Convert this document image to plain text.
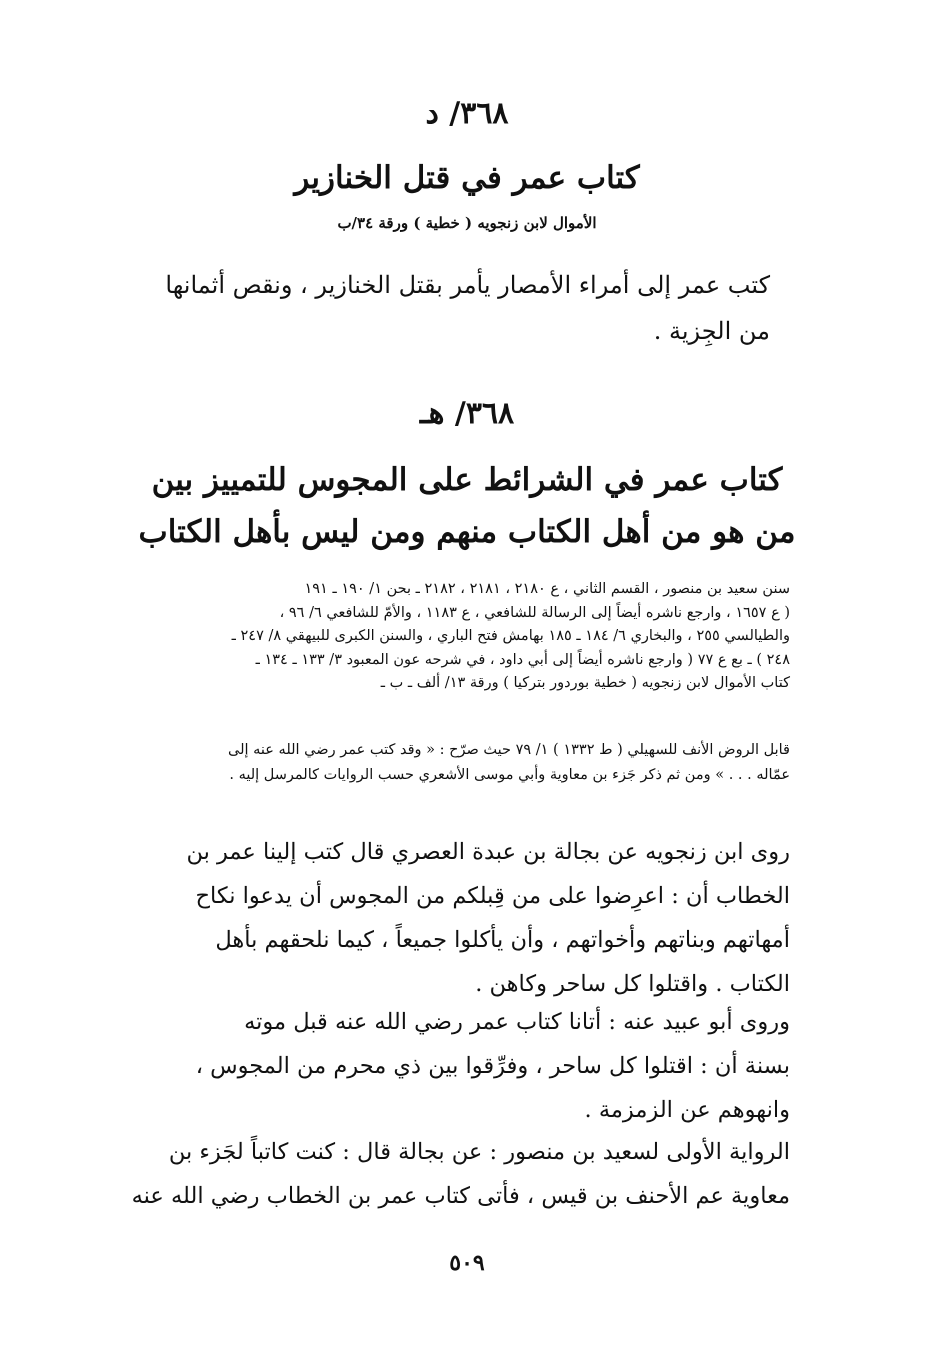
٣٦٨/ د
كتاب عمر في قتل الخنازير
الأموال لابن زنجويه ( خطية ) ورقة ٣٤/ب
كتب عمر إلى أمراء الأمصار يأمر بقتل الخنازير ، ونقص أثمانها
من الجِزية .
٣٦٨/ هـ
كتاب عمر في الشرائط على المجوس للتمييز بين
من هو من أهل الكتاب منهم ومن ليس بأهل الكتاب
سنن سعيد بن منصور ، القسم الثاني ، ع ٢١٨٠ ، ٢١٨١ ، ٢١٨٢ ـ بحن ١/ ١٩٠ ـ ١٩١
( ع ١٦٥٧ ، وارجع ناشره أيضاً إلى الرسالة للشافعي ، ع ١١٨٣ ، والأمّ للشافعي ٦/ ٩٦ ،
والطيالسي ٢٥٥ ، والبخاري ٦/ ١٨٤ ـ ١٨٥ بهامش فتح الباري ، والسنن الكبرى للبيهقي ٨/ ٢٤٧ ـ
٢٤٨ ) ـ بع ع ٧٧ ( وارجع ناشره أيضاً إلى أبي داود ، في شرحه عون المعبود ٣/ ١٣٣ ـ ١٣٤ ـ
كتاب الأموال لابن زنجويه ( خطية بوردور بتركيا ) ورقة ١٣/ ألف ـ ب ـ
قابل الروض الأنف للسهيلي ( ط ١٣٣٢ ) ١/ ٧٩ حيث صرّح : « وقد كتب عمر رضي الله عنه إلى
عمّاله . . . » ومن ثم ذكر جَزء بن معاوية وأبي موسى الأشعري حسب الروايات كالمرسل إليه .
روى ابن زنجويه عن بجالة بن عبدة العصري قال كتب إلينا عمر بن
الخطاب أن : اعرِضوا على من قِبلكم من المجوس أن يدعوا نكاح
أمهاتهم وبناتهم وأخواتهم ، وأن يأكلوا جميعاً ، كيما نلحقهم بأهل
الكتاب . واقتلوا كل ساحر وكاهن .
وروى أبو عبيد عنه : أتانا كتاب عمر رضي الله عنه قبل موته
بسنة أن : اقتلوا كل ساحر ، وفرِّقوا بين ذي محرم من المجوس ،
وانهوهم عن الزمزمة .
الرواية الأولى لسعيد بن منصور : عن بجالة قال : كنت كاتباً لجَزء بن
معاوية عم الأحنف بن قيس ، فأتى كتاب عمر بن الخطاب رضي الله عنه
٥٠٩
